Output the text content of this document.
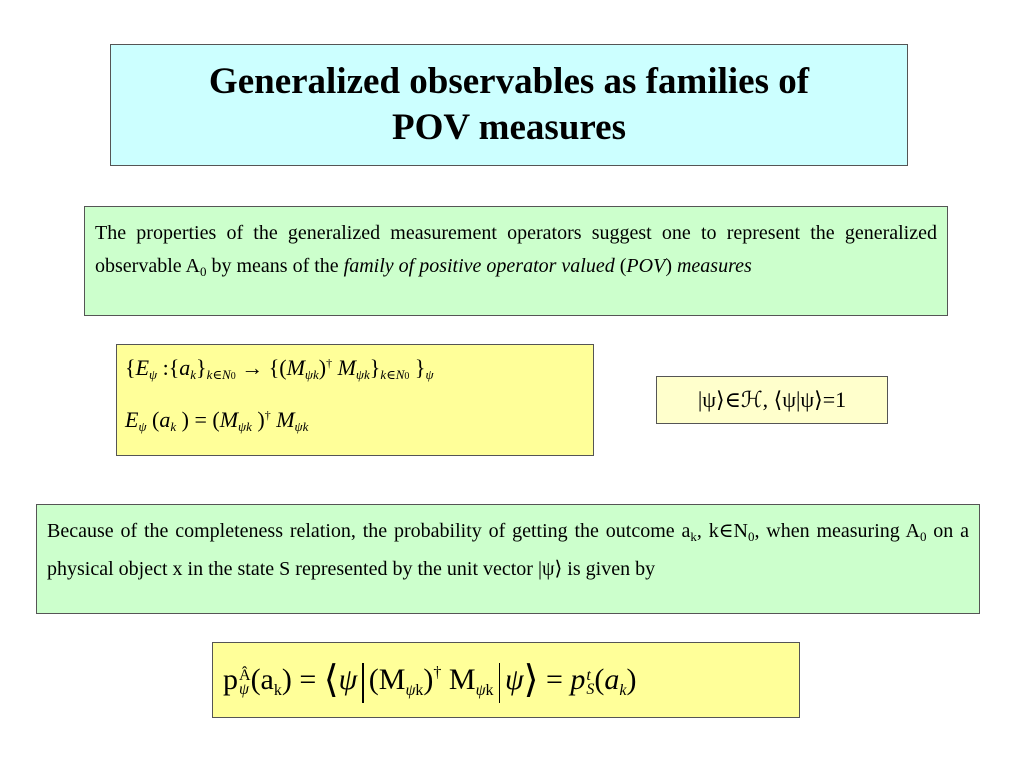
Generalized observables as families of
POV measures
The properties of the generalized measurement operators suggest one to represent the generalized observable $A_0$ by means of the family of positive operator valued (POV) measures
{$E_\psi$ $:\{a_k\}_{k\in N0} \to \{(M_{\psi k})^\dagger$ $M_{\psi k}\}_{k\in N0}$ }$_\psi$
$E_\psi$ ($a_k$ ) = ($M_{\psi k}$ )† $M_{\psi k}$
|ψ⟩∈ℋ, ⟨ψ|ψ⟩=1
Because of the completeness relation, the probability of getting the outcome $a_k$, $k\in N_0$, when measuring $A_0$ on a physical object x in the state S represented by the unit vector |ψ⟩ is given by
p Â
ψ $(a_k)$ = ⟨ψ $(M_{\psi k})^\dagger$ $M_{\psi k}$ ψ⟩ = p t
S $(a_k)$
